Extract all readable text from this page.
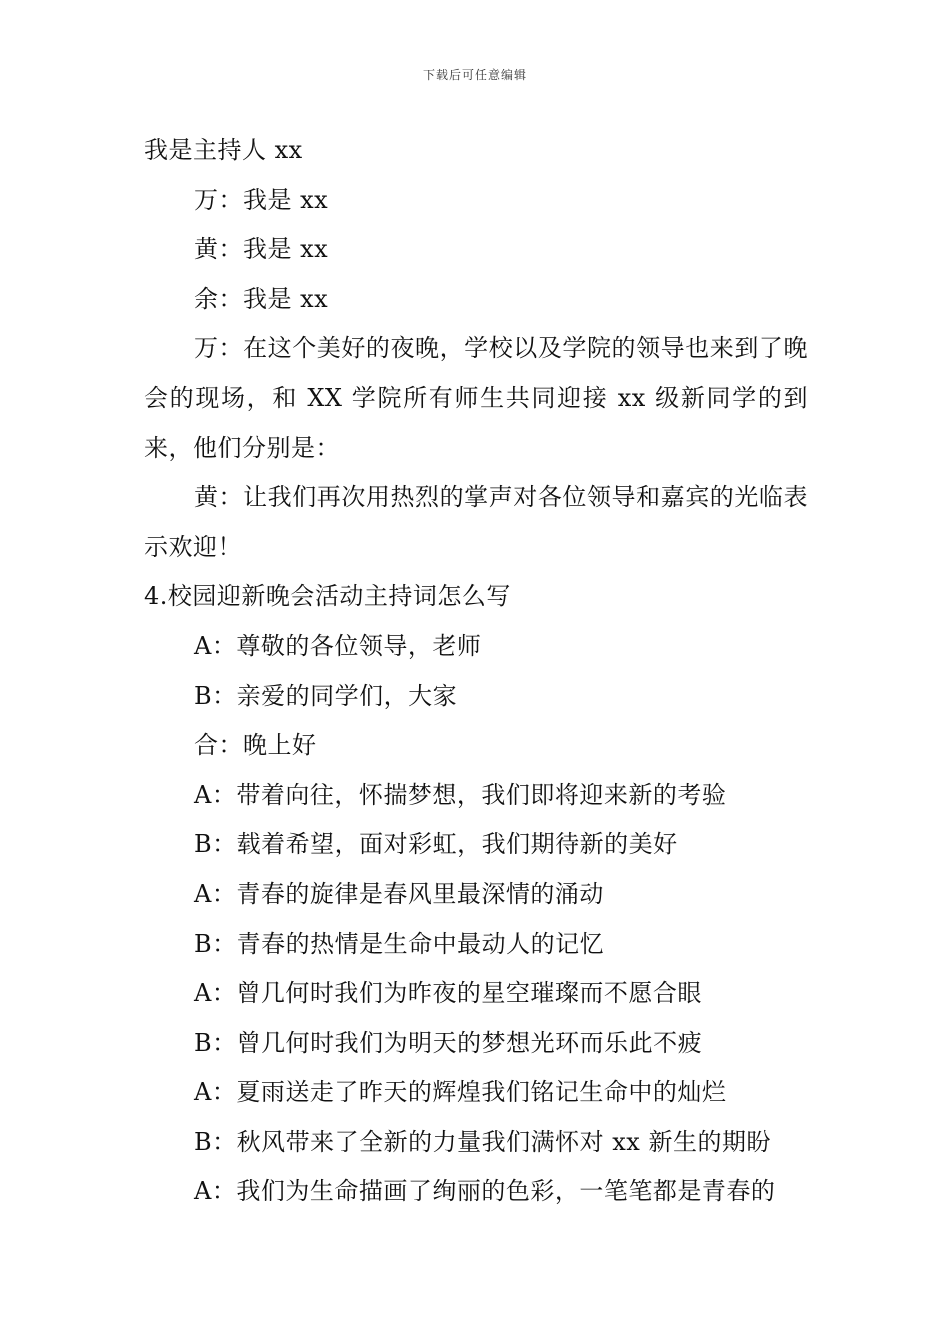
下载后可任意编辑

我是主持人 xx

万：我是 xx

黄：我是 xx

余：我是 xx

万：在这个美好的夜晚，学校以及学院的领导也来到了晚会的现场，和 XX 学院所有师生共同迎接 xx 级新同学的到来，他们分别是：

黄：让我们再次用热烈的掌声对各位领导和嘉宾的光临表示欢迎！

4.校园迎新晚会活动主持词怎么写

A：尊敬的各位领导，老师

B：亲爱的同学们，大家

合：晚上好

A：带着向往，怀揣梦想，我们即将迎来新的考验

B：载着希望，面对彩虹，我们期待新的美好

A：青春的旋律是春风里最深情的涌动

B：青春的热情是生命中最动人的记忆

A：曾几何时我们为昨夜的星空璀璨而不愿合眼

B：曾几何时我们为明天的梦想光环而乐此不疲

A：夏雨送走了昨天的辉煌我们铭记生命中的灿烂

B：秋风带来了全新的力量我们满怀对 xx 新生的期盼

A：我们为生命描画了绚丽的色彩，一笔笔都是青春的
